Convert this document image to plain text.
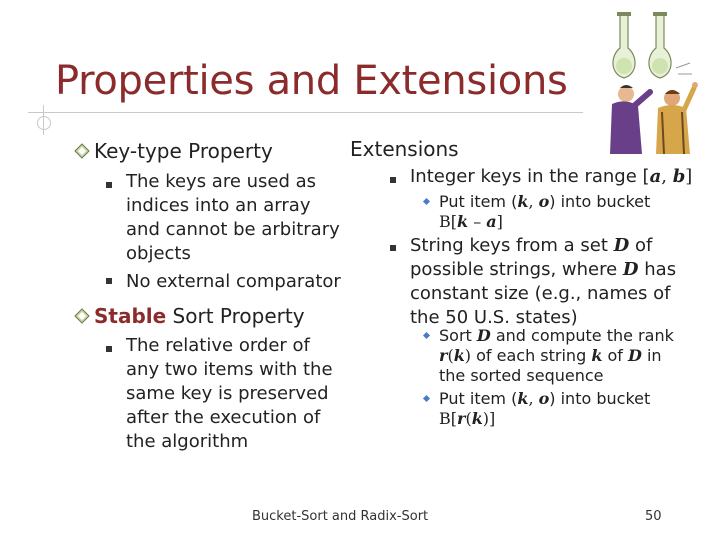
Properties and Extensions
Key-type Property
The keys are used as
indices into an array
and cannot be arbitrary
objects
No external comparator
Stable Sort Property
The relative order of
any two items with the
same key is preserved
after the execution of
the algorithm
Extensions
Integer keys in the range [a, b]
Put item (k, o) into bucket
B[k – a]
String keys from a set D of
possible strings, where D has
constant size (e.g., names of
the 50 U.S. states)
Sort D and compute the rank
r(k) of each string k of D in
the sorted sequence
Put item (k, o) into bucket
B[r(k)]
Bucket-Sort and Radix-Sort	50
